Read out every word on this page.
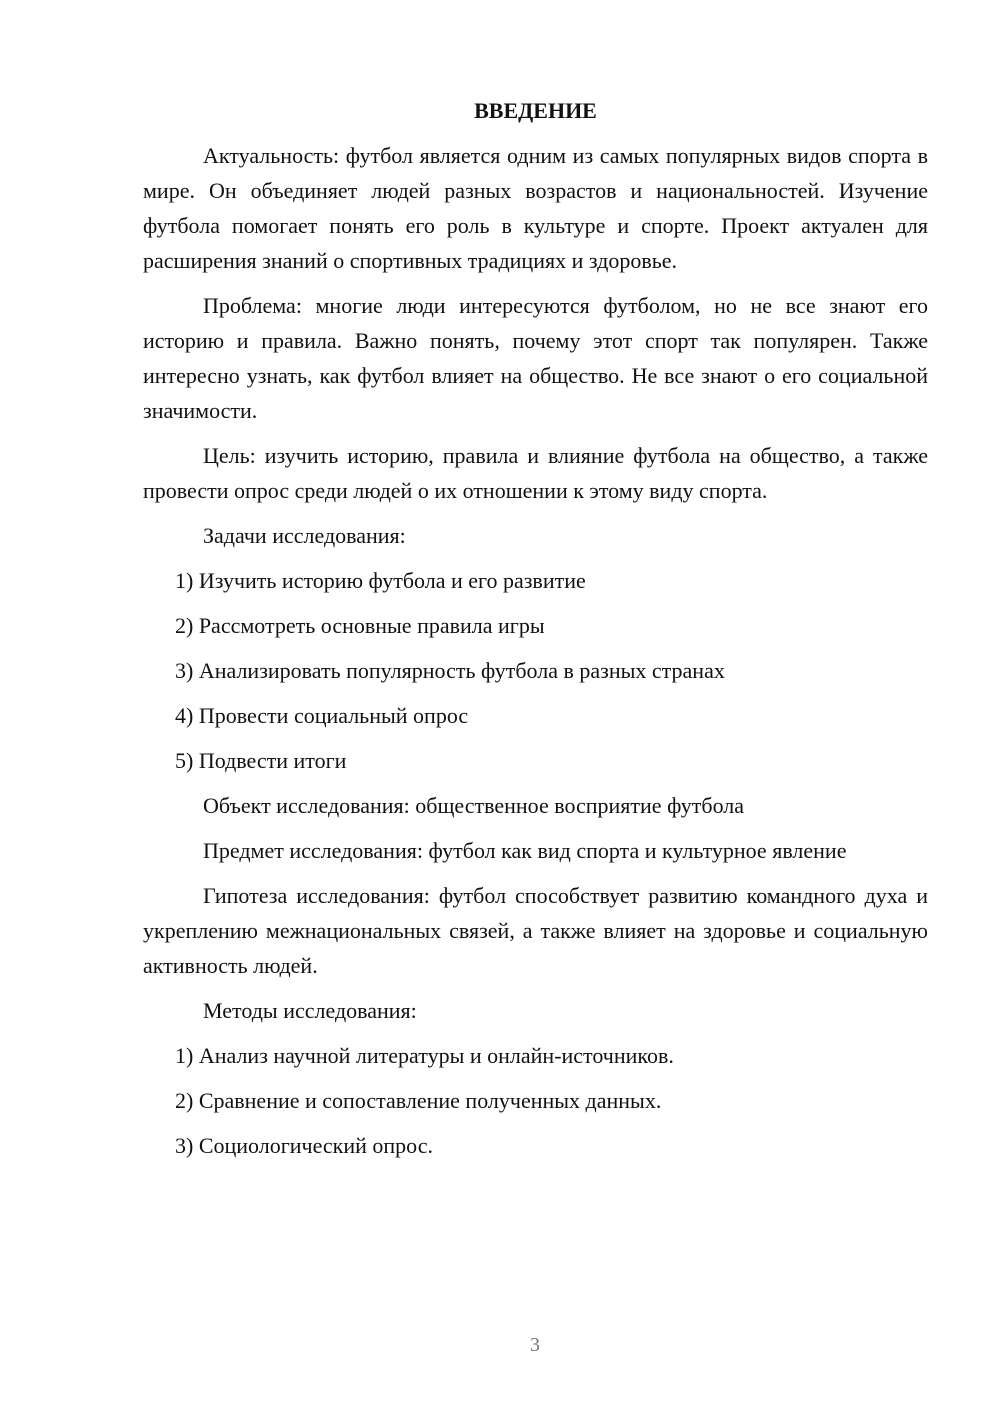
ВВЕДЕНИЕ

Актуальность: футбол является одним из самых популярных видов спорта в мире. Он объединяет людей разных возрастов и национальностей. Изучение футбола помогает понять его роль в культуре и спорте. Проект актуален для расширения знаний о спортивных традициях и здоровье.

Проблема: многие люди интересуются футболом, но не все знают его историю и правила. Важно понять, почему этот спорт так популярен. Также интересно узнать, как футбол влияет на общество. Не все знают о его социальной значимости.

Цель: изучить историю, правила и влияние футбола на общество, а также провести опрос среди людей о их отношении к этому виду спорта.

Задачи исследования:
1) Изучить историю футбола и его развитие
2) Рассмотреть основные правила игры
3) Анализировать популярность футбола в разных странах
4) Провести социальный опрос
5) Подвести итоги
Объект исследования: общественное восприятие футбола

Предмет исследования: футбол как вид спорта и культурное явление

Гипотеза исследования: футбол способствует развитию командного духа и укреплению межнациональных связей, а также влияет на здоровье и социальную активность людей.

Методы исследования:
1) Анализ научной литературы и онлайн-источников.
2) Сравнение и сопоставление полученных данных.
3) Социологический опрос.
3
